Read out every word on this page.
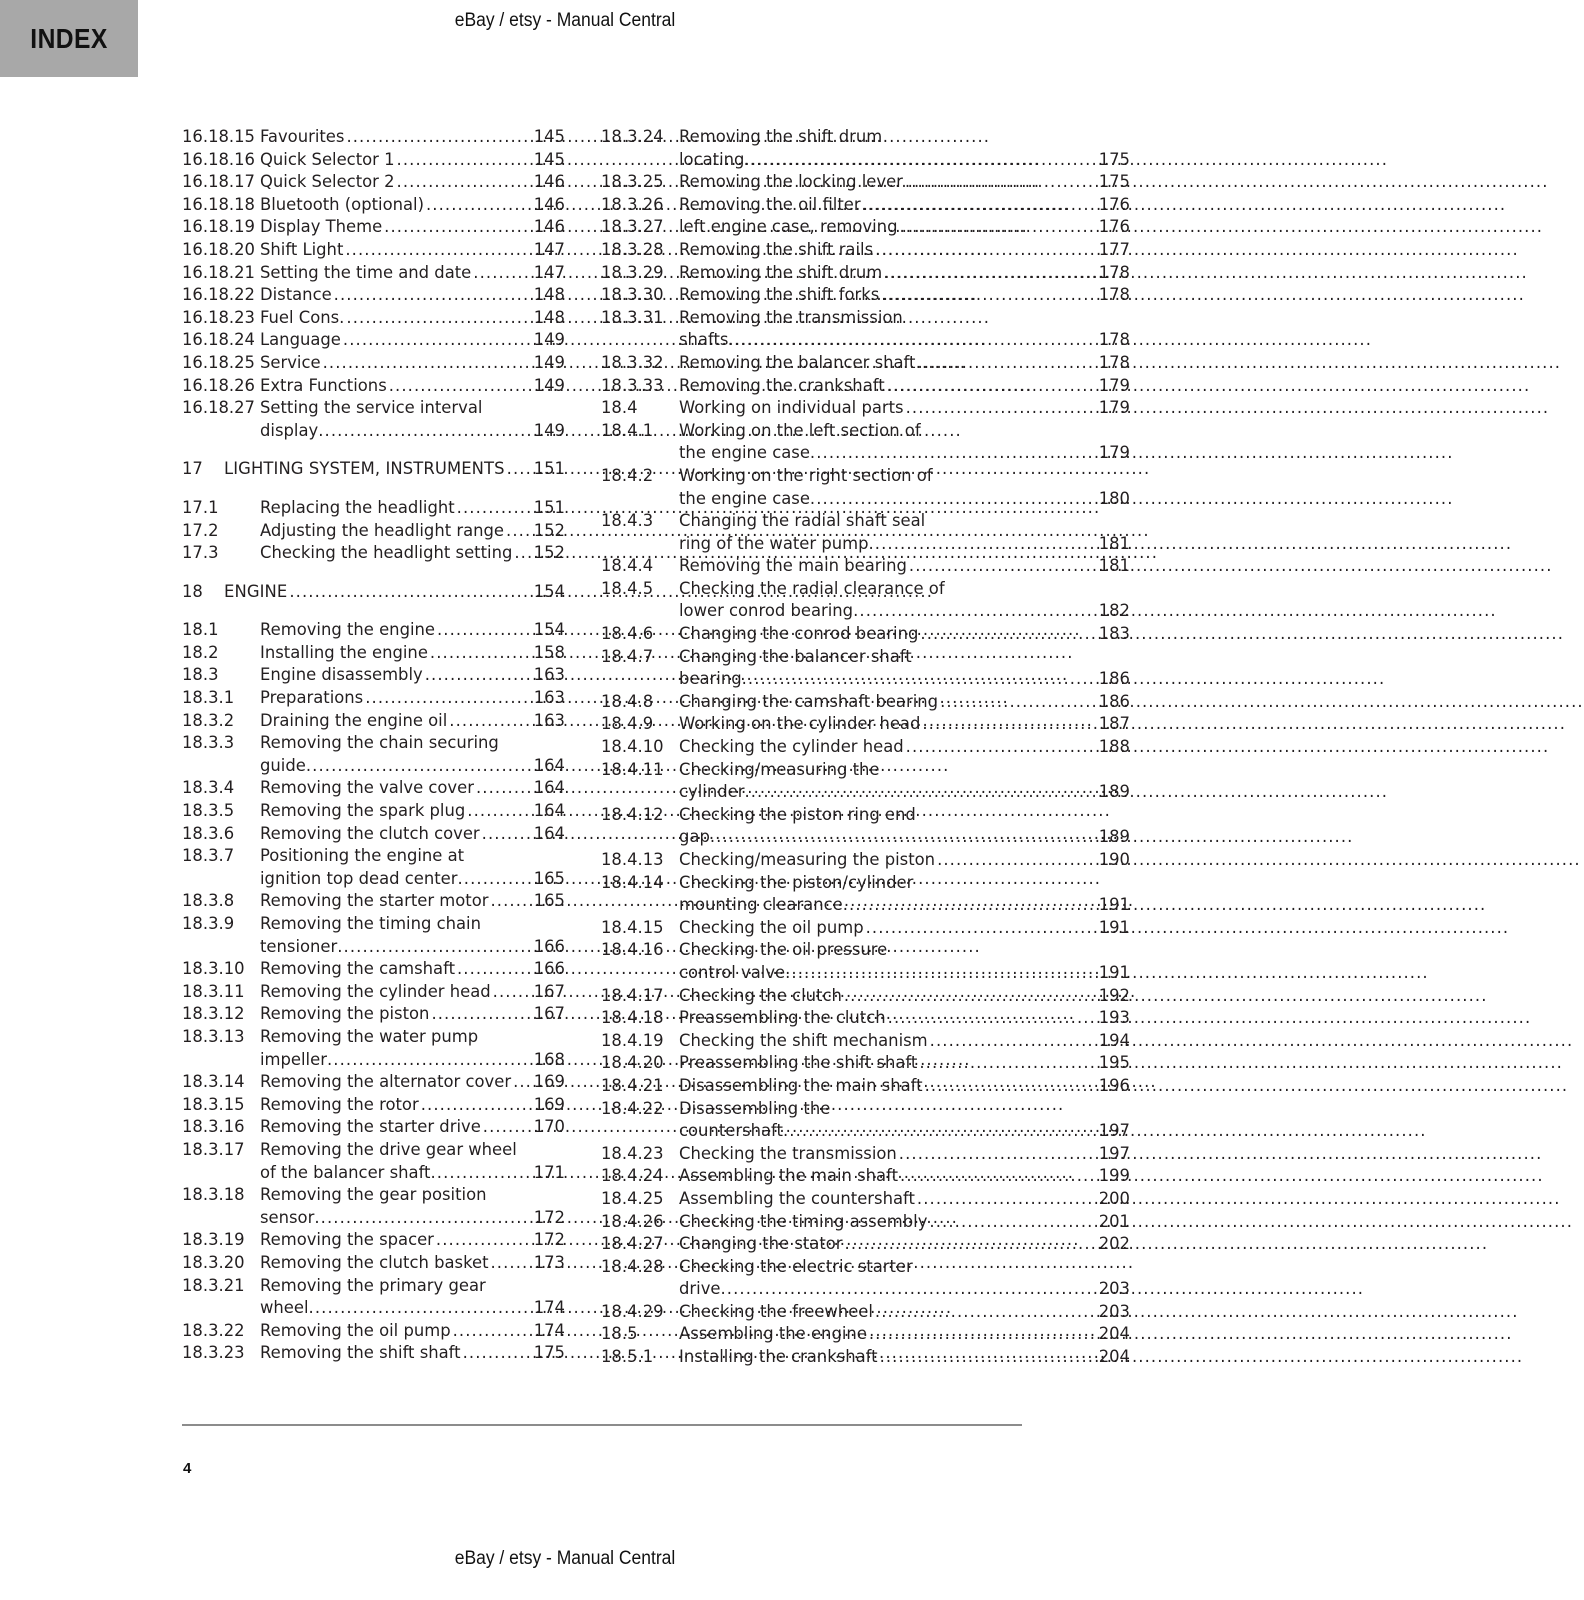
INDEX
eBay / etsy - Manual Central
16.18.15 Favourites .....	145
16.18.16 Quick Selector 1 .....	145
16.18.17 Quick Selector 2 .....	146
16.18.18 Bluetooth (optional) .....	146
16.18.19 Display Theme .....	146
16.18.20 Shift Light .....	147
16.18.21 Setting the time and date .....	147
16.18.22 Distance .....	148
16.18.23 Fuel Cons. .....	148
16.18.24 Language .....	149
16.18.25 Service .....	149
16.18.26 Extra Functions .....	149
16.18.27 Setting the service interval
display .....	149
17	LIGHTING SYSTEM, INSTRUMENTS .....	151
17.1	Replacing the headlight .....	151
17.2	Adjusting the headlight range .....	152
17.3	Checking the headlight setting .....	152
18	ENGINE .....	154
18.1	Removing the engine .....	154
18.2	Installing the engine .....	158
18.3	Engine disassembly .....	163
18.3.1	Preparations .....	163
18.3.2	Draining the engine oil .....	163
18.3.3	Removing the chain securing
guide .....	164
18.3.4	Removing the valve cover .....	164
18.3.5	Removing the spark plug .....	164
18.3.6	Removing the clutch cover .....	164
18.3.7	Positioning the engine at
ignition top dead center .....	165
18.3.8	Removing the starter motor .....	165
18.3.9	Removing the timing chain
tensioner .....	166
18.3.10 Removing the camshaft .....	166
18.3.11 Removing the cylinder head .....	167
18.3.12 Removing the piston .....	167
18.3.13 Removing the water pump
impeller .....	168
18.3.14 Removing the alternator cover .....	169
18.3.15 Removing the rotor .....	169
18.3.16 Removing the starter drive .....	170
18.3.17 Removing the drive gear wheel
of the balancer shaft .....	171
18.3.18 Removing the gear position
sensor .....	172
18.3.19 Removing the spacer .....	172
18.3.20 Removing the clutch basket .....	173
18.3.21 Removing the primary gear
wheel .....	174
18.3.22 Removing the oil pump .....	174
18.3.23 Removing the shift shaft .....	175
18.3.24 Removing the shift drum
locating .....	175
18.3.25 Removing the locking lever .....	175
18.3.26 Removing the oil filter .....	176
18.3.27 left engine case, removing .....	176
18.3.28 Removing the shift rails .....	177
18.3.29 Removing the shift drum .....	178
18.3.30 Removing the shift forks .....	178
18.3.31 Removing the transmission
shafts .....	178
18.3.32 Removing the balancer shaft .....	178
18.3.33 Removing the crankshaft .....	179
18.4	Working on individual parts .....	179
18.4.1	Working on the left section of
the engine case .....	179
18.4.2	Working on the right section of
the engine case .....	180
18.4.3	Changing the radial shaft seal
ring of the water pump .....	181
18.4.4	Removing the main bearing .....	181
18.4.5	Checking the radial clearance of
lower conrod bearing .....	182
18.4.6	Changing the conrod bearing .....	183
18.4.7	Changing the balancer shaft
bearing .....	186
18.4.8	Changing the camshaft bearing .....	186
18.4.9	Working on the cylinder head .....	187
18.4.10 Checking the cylinder head .....	188
18.4.11 Checking/measuring the
cylinder .....	189
18.4.12 Checking the piston ring end
gap .....	189
18.4.13 Checking/measuring the piston .....	190
18.4.14 Checking the piston/cylinder
mounting clearance .....	191
18.4.15 Checking the oil pump .....	191
18.4.16 Checking the oil pressure
control valve .....	191
18.4.17 Checking the clutch .....	192
18.4.18 Preassembling the clutch .....	193
18.4.19 Checking the shift mechanism .....	194
18.4.20 Preassembling the shift shaft .....	195
18.4.21 Disassembling the main shaft .....	196
18.4.22 Disassembling the
countershaft .....	197
18.4.23 Checking the transmission .....	197
18.4.24 Assembling the main shaft .....	199
18.4.25 Assembling the countershaft .....	200
18.4.26 Checking the timing assembly .....	201
18.4.27 Changing the stator .....	202
18.4.28 Checking the electric starter
drive .....	203
18.4.29 Checking the freewheel .....	203
18.5	Assembling the engine .....	204
18.5.1	Installing the crankshaft .....	204
4
eBay / etsy - Manual Central
